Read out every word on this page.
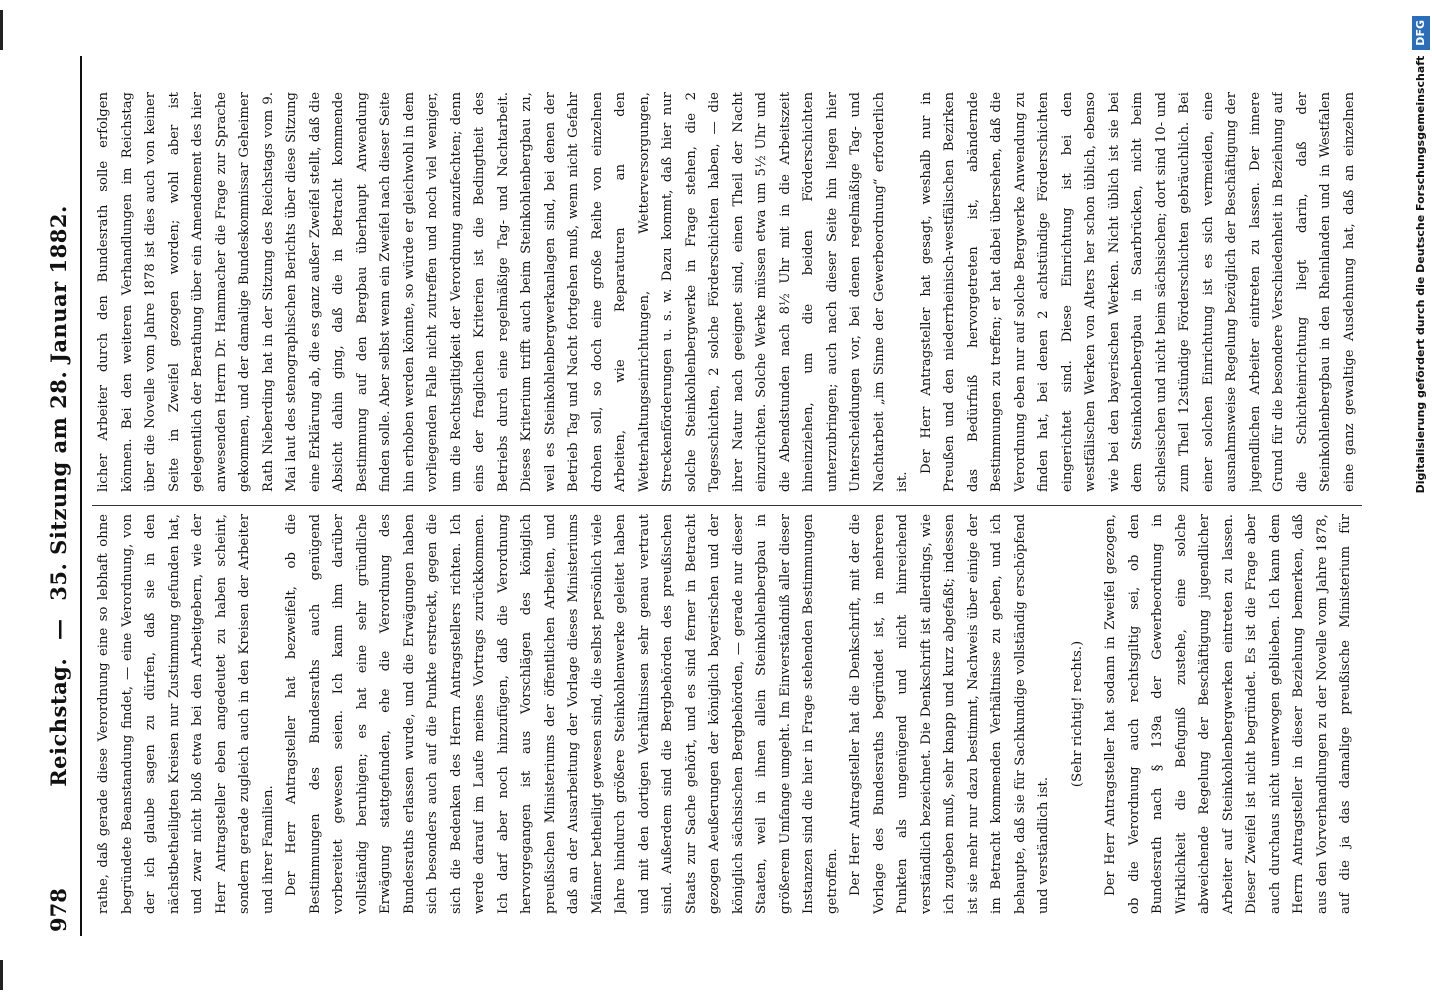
978
Reichstag. — 35. Sitzung am 28. Januar 1882.

rathe, daß gerade diese Verordnung eine so lebhaft ohne begründete Beanstandung findet, — eine Verordnung, von der ich glaube sagen zu dürfen, daß sie in den nächstbetheiligten Kreisen nur Zustimmung gefunden hat, und zwar nicht bloß etwa bei den Arbeitgebern, wie der Herr Antragsteller eben angedeutet zu haben scheint, sondern gerade zugleich auch in den Kreisen der Arbeiter und ihrer Familien. Der Herr Antragsteller hat bezweifelt, ob die Bestimmungen des Bundesraths auch genügend vorbereitet gewesen seien. Ich kann ihm darüber vollständig beruhigen; es hat eine sehr gründliche Erwägung stattgefunden, ehe die Verordnung des Bundesraths erlassen wurde, und die Erwägungen haben sich besonders auch auf die Punkte erstreckt, gegen die sich die Bedenken des Herrn Antragstellers richten. Ich werde darauf im Laufe meines Vortrags zurückkommen. Ich darf aber noch hinzufügen, daß die Verordnung hervorgegangen ist aus Vorschlägen des königlich preußischen Ministeriums der öffentlichen Arbeiten, und daß an der Ausarbeitung der Vorlage dieses Ministeriums Männer betheiligt gewesen sind, die selbst persönlich viele Jahre hindurch größere Steinkohlenwerke geleitet haben und mit den dortigen Verhältnissen sehr genau vertraut sind. Außerdem sind die Bergbehörden des preußischen Staats zur Sache gehört, und es sind ferner in Betracht gezogen Aeußerungen der königlich bayerischen und der königlich sächsischen Bergbehörden, — gerade nur dieser Staaten, weil in ihnen allein Steinkohlenbergbau in größerem Umfange umgeht. Im Einverständniß aller dieser Instanzen sind die hier in Frage stehenden Bestimmungen getroffen. Der Herr Antragsteller hat die Denkschrift, mit der die Vorlage des Bundesraths begründet ist, in mehreren Punkten als ungenügend und nicht hinreichend verständlich bezeichnet. Die Denkschrift ist allerdings, wie ich zugeben muß, sehr knapp und kurz abgefaßt; indessen ist sie mehr nur dazu bestimmt, Nachweis über einige der im Betracht kommenden Verhältnisse zu geben, und ich behaupte, daß sie für Sachkundige vollständig erschöpfend und verständlich ist.

(Sehr richtig! rechts.)

Der Herr Antragsteller hat sodann in Zweifel gezogen, ob die Verordnung auch rechtsgiltig sei, ob den Bundesrath nach § 139a der Gewerbeordnung in Wirklichkeit die Befugniß zustehe, eine solche abweichende Regelung der Beschäftigung jugendlicher Arbeiter auf Steinkohlenbergwerken eintreten zu lassen. Dieser Zweifel ist nicht begründet. Es ist die Frage aber auch durchaus nicht unerwogen geblieben. Ich kann dem Herrn Antragsteller in dieser Beziehung bemerken, daß aus den Vorverhandlungen zu der Novelle vom Jahre 1878, auf die ja das damalige preußische Ministerium für

licher Arbeiter durch den Bundesrath solle erfolgen können. Bei den weiteren Verhandlungen im Reichstag über die Novelle vom Jahre 1878 ist dies auch von keiner Seite in Zweifel gezogen worden; wohl aber ist gelegentlich der Berathung über ein Amendement des hier anwesenden Herrn Dr. Hammacher die Frage zur Sprache gekommen, und der damalige Bundeskommissar Geheimer Rath Nieberding hat in der Sitzung des Reichstags vom 9. Mai laut des stenographischen Berichts über diese Sitzung eine Erklärung ab, die es ganz außer Zweifel stellt, daß die Absicht dahin ging, daß die in Betracht kommende Bestimmung auf den Bergbau überhaupt Anwendung finden solle. Aber selbst wenn ein Zweifel nach dieser Seite hin erhoben werden könnte, so würde er gleichwohl in dem vorliegenden Falle nicht zutreffen und noch viel weniger, um die Rechtsgiltigkeit der Verordnung anzufechten; denn eins der fraglichen Kriterien ist die Bedingtheit des Betriebs durch eine regelmäßige Tag- und Nachtarbeit. Dieses Kriterium trifft auch beim Steinkohlenbergbau zu, weil es Steinkohlenbergwerkanlagen sind, bei denen der Betrieb Tag und Nacht fortgehen muß, wenn nicht Gefahr drohen soll, so doch eine große Reihe von einzelnen Arbeiten, wie Reparaturen an den Wetterhaltungseinrichtungen, Wetterversorgungen, Streckenförderungen u. s. w. Dazu kommt, daß hier nur solche Steinkohlenbergwerke in Frage stehen, die 2 Tagesschichten, 2 solche Förderschichten haben, — die ihrer Natur nach geeignet sind, einen Theil der Nacht einzurichten. Solche Werke müssen etwa um 5½ Uhr und die Abendstunden nach 8½ Uhr mit in die Arbeitszeit hineinziehen, um die beiden Förderschichten unterzubringen; auch nach dieser Seite hin liegen hier Unterscheidungen vor, bei denen regelmäßige Tag- und Nachtarbeit „im Sinne der Gewerbeordnung“ erforderlich ist.

Der Herr Antragsteller hat gesagt, weshalb nur in Preußen und den niederrheinisch-westfälischen Bezirken das Bedürfniß hervorgetreten ist, abändernde Bestimmungen zu treffen; er hat dabei übersehen, daß die Verordnung eben nur auf solche Bergwerke Anwendung zu finden hat, bei denen 2 achtstündige Förderschichten eingerichtet sind. Diese Einrichtung ist bei den westfälischen Werken von Alters her schon üblich, ebenso wie bei den bayerischen Werken. Nicht üblich ist sie bei dem Steinkohlenbergbau in Saarbrücken, nicht beim schlesischen und nicht beim sächsischen; dort sind 10- und zum Theil 12stündige Förderschichten gebräuchlich. Bei einer solchen Einrichtung ist es sich vermeiden, eine ausnahmsweise Regelung bezüglich der Beschäftigung der jugendlichen Arbeiter eintreten zu lassen. Der innere Grund für die besondere Verschiedenheit in Beziehung auf die Schichteinrichtung liegt darin, daß der Steinkohlenbergbau in den Rheinlanden und in Westfalen eine ganz gewaltige Ausdehnung hat, daß an einzelnen	Digitalisierung gefördert durch die Deutsche ForschungsgemeinschaftDFG
